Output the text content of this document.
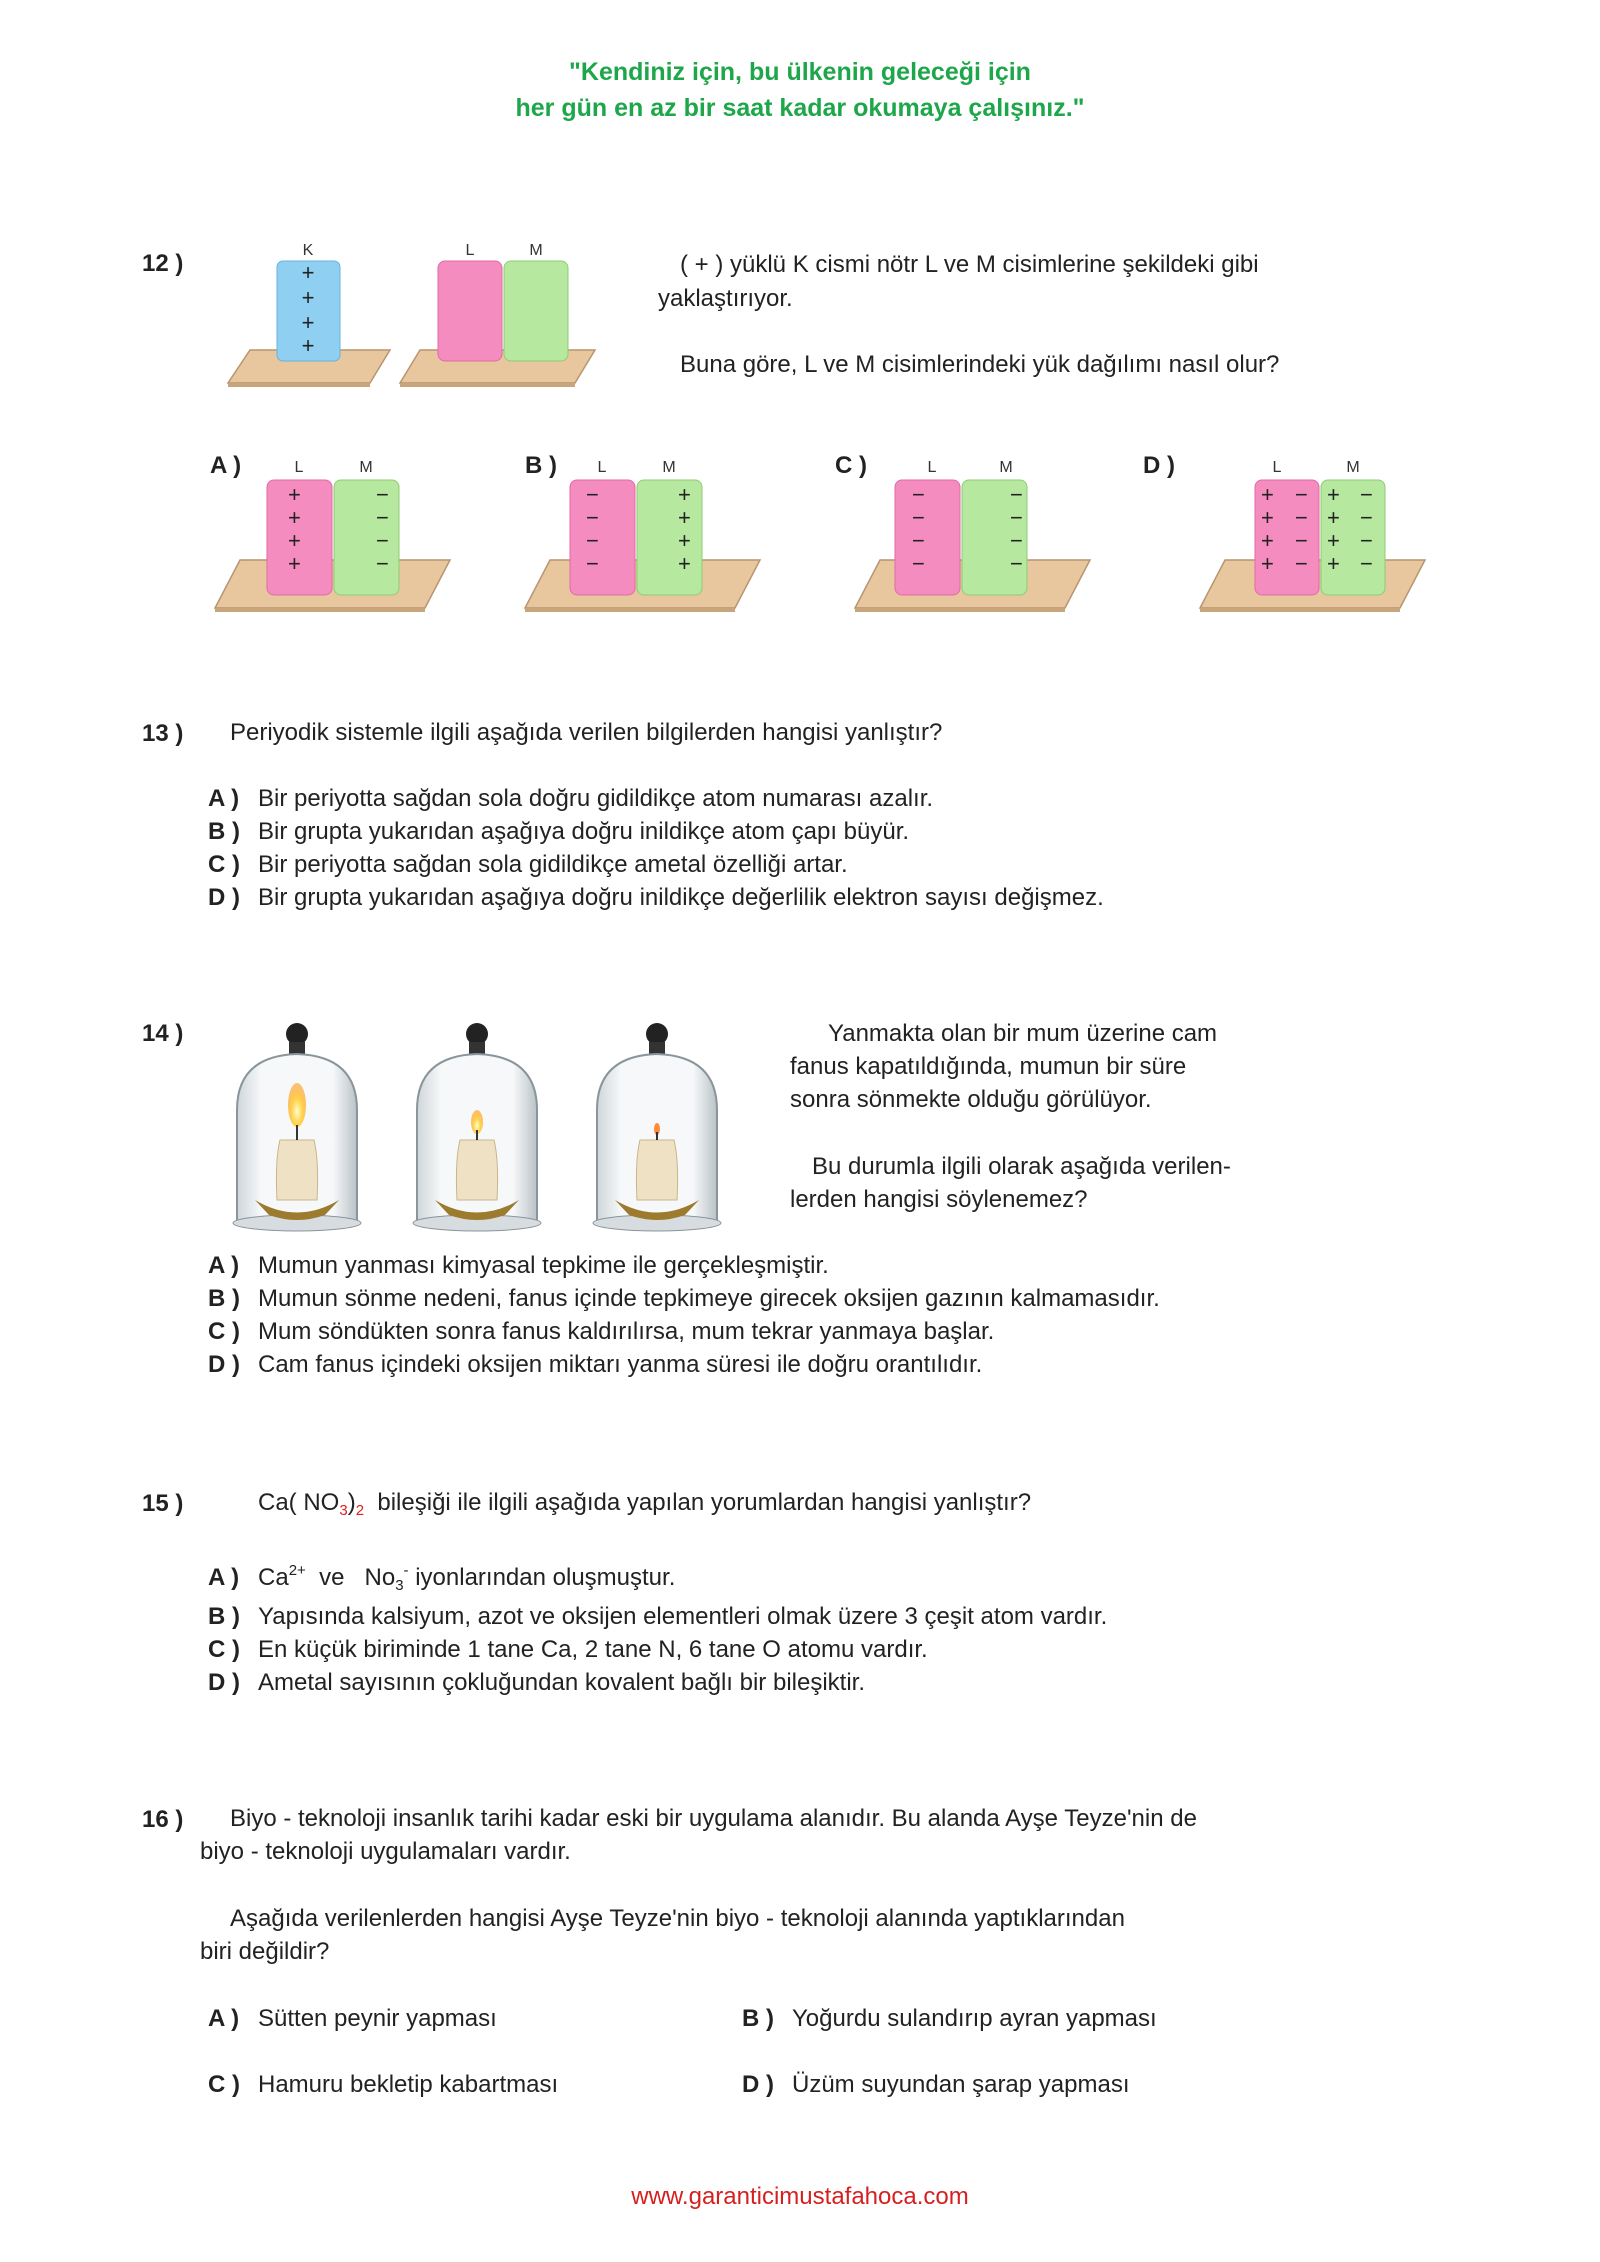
"Kendiniz için, bu ülkenin geleceği için
her gün en az bir saat kadar okumaya çalışınız."
12 )	K
+
+
+
+
L	M
( + ) yüklü K cismi nötr L ve M cisimlerine şekildeki gibi
yaklaştırıyor.
Buna göre, L ve M cisimlerindeki yük dağılımı nasıl olur?
A )	L	M
+
+
+
+
−
−
−
−
B )	L	M
−
−
−
−
+
+
+
+
C )	L	M
−
−
−
−
−
−
−
−
D )	L	M
+
+
+
+
−
−
−
−
+
+
+
+
−
−
−
−
13 ) Periyodik sistemle ilgili aşağıda verilen bilgilerden hangisi yanlıştır?
A ) Bir periyotta sağdan sola doğru gidildikçe atom numarası azalır.
B ) Bir grupta yukarıdan aşağıya doğru inildikçe atom çapı büyür.
C ) Bir periyotta sağdan sola gidildikçe ametal özelliği artar.
D ) Bir grupta yukarıdan aşağıya doğru inildikçe değerlilik elektron sayısı değişmez.
14 )	Yanmakta olan bir mum üzerine cam
fanus kapatıldığında, mumun bir süre
sonra sönmekte olduğu görülüyor.
Bu durumla ilgili olarak aşağıda verilen-
lerden hangisi söylenemez?
A ) Mumun yanması kimyasal tepkime ile gerçekleşmiştir.
B ) Mumun sönme nedeni, fanus içinde tepkimeye girecek oksijen gazının kalmamasıdır.
C ) Mum söndükten sonra fanus kaldırılırsa, mum tekrar yanmaya başlar.
D ) Cam fanus içindeki oksijen miktarı yanma süresi ile doğru orantılıdır.
15 )	Ca( $NO_3)_2$ bileşiği ile ilgili aşağıda yapılan yorumlardan hangisi yanlıştır?
A ) $Ca^{2+}$ ve $No_3^-$ iyonlarından oluşmuştur.
B ) Yapısında kalsiyum, azot ve oksijen elementleri olmak üzere 3 çeşit atom vardır.
C ) En küçük biriminde 1 tane Ca, 2 tane N, 6 tane O atomu vardır.
D ) Ametal sayısının çokluğundan kovalent bağlı bir bileşiktir.
16 ) Biyo - teknoloji insanlık tarihi kadar eski bir uygulama alanıdır. Bu alanda Ayşe Teyze'nin de
biyo - teknoloji uygulamaları vardır.
Aşağıda verilenlerden hangisi Ayşe Teyze'nin biyo - teknoloji alanında yaptıklarından
biri değildir?
A ) Sütten peynir yapması	B ) Yoğurdu sulandırıp ayran yapması
C ) Hamuru bekletip kabartması	D ) Üzüm suyundan şarap yapması
www.garanticimustafahoca.com
